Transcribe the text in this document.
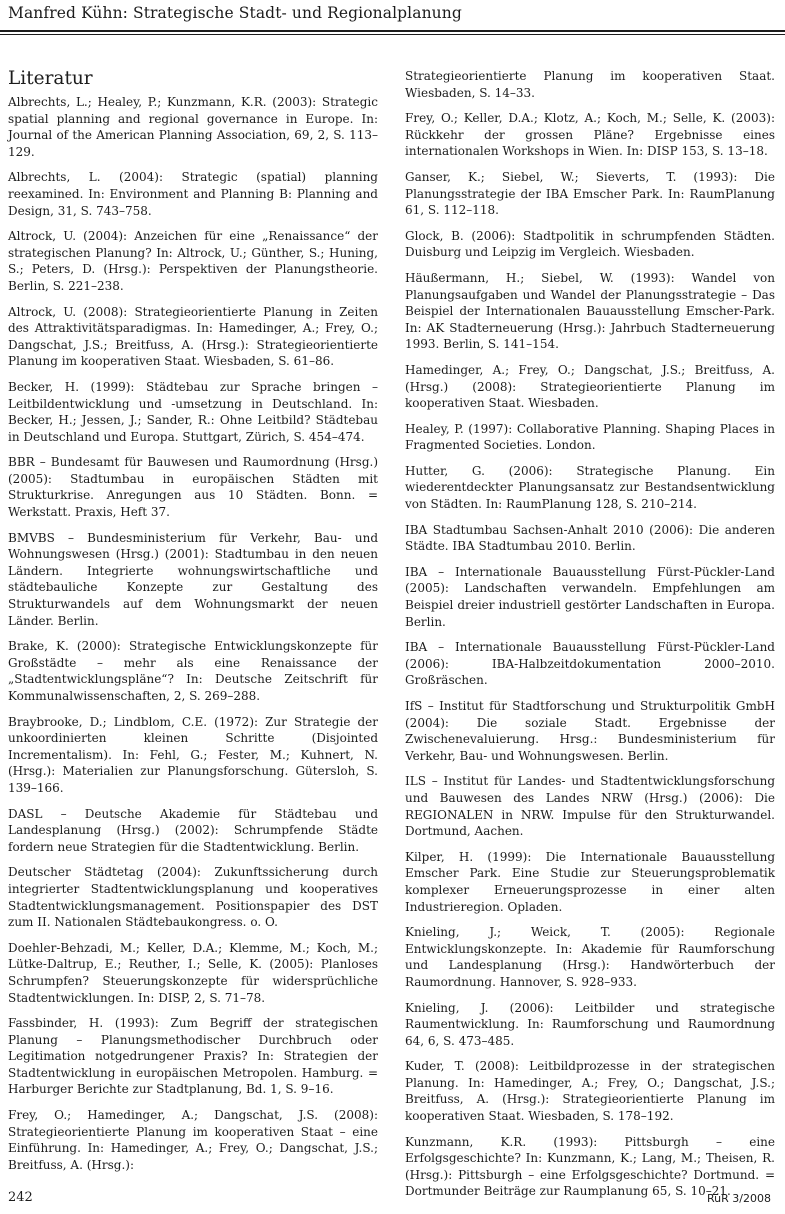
Manfred Kühn: Strategische Stadt- und Regionalplanung
Literatur

Albrechts, L.; Healey, P.; Kunzmann, K.R. (2003): Strategic spatial planning and regional governance in Europe. In: Journal of the American Planning Association, 69, 2, S. 113–129.

Albrechts, L. (2004): Strategic (spatial) planning reexamined. In: Environment and Planning B: Planning and Design, 31, S. 743–758.

Altrock, U. (2004): Anzeichen für eine „Renaissance“ der strategischen Planung? In: Altrock, U.; Günther, S.; Huning, S.; Peters, D. (Hrsg.): Perspektiven der Planungstheorie. Berlin, S. 221–238.

Altrock, U. (2008): Strategieorientierte Planung in Zeiten des Attraktivitätsparadigmas. In: Hamedinger, A.; Frey, O.; Dangschat, J.S.; Breitfuss, A. (Hrsg.): Strategieorientierte Planung im kooperativen Staat. Wiesbaden, S. 61–86.

Becker, H. (1999): Städtebau zur Sprache bringen – Leitbildentwicklung und -umsetzung in Deutschland. In: Becker, H.; Jessen, J.; Sander, R.: Ohne Leitbild? Städtebau in Deutschland und Europa. Stuttgart, Zürich, S. 454–474.

BBR – Bundesamt für Bauwesen und Raumordnung (Hrsg.) (2005): Stadtumbau in europäischen Städten mit Strukturkrise. Anregungen aus 10 Städten. Bonn. = Werkstatt. Praxis, Heft 37.

BMVBS – Bundesministerium für Verkehr, Bau- und Wohnungswesen (Hrsg.) (2001): Stadtumbau in den neuen Ländern. Integrierte wohnungswirtschaftliche und städtebauliche Konzepte zur Gestaltung des Strukturwandels auf dem Wohnungsmarkt der neuen Länder. Berlin.

Brake, K. (2000): Strategische Entwicklungskonzepte für Großstädte – mehr als eine Renaissance der „Stadtentwicklungspläne“? In: Deutsche Zeitschrift für Kommunalwissenschaften, 2, S. 269–288.

Braybrooke, D.; Lindblom, C.E. (1972): Zur Strategie der unkoordinierten kleinen Schritte (Disjointed Incrementalism). In: Fehl, G.; Fester, M.; Kuhnert, N. (Hrsg.): Materialien zur Planungsforschung. Gütersloh, S. 139–166.

DASL – Deutsche Akademie für Städtebau und Landesplanung (Hrsg.) (2002): Schrumpfende Städte fordern neue Strategien für die Stadtentwicklung. Berlin.

Deutscher Städtetag (2004): Zukunftssicherung durch integrierter Stadtentwicklungsplanung und kooperatives Stadtentwicklungsmanagement. Positionspapier des DST zum II. Nationalen Städtebaukongress. o. O.

Doehler-Behzadi, M.; Keller, D.A.; Klemme, M.; Koch, M.; Lütke-Daltrup, E.; Reuther, I.; Selle, K. (2005): Planloses Schrumpfen? Steuerungskonzepte für widersprüchliche Stadtentwicklungen. In: DISP, 2, S. 71–78.

Fassbinder, H. (1993): Zum Begriff der strategischen Planung – Planungsmethodischer Durchbruch oder Legitimation notgedrungener Praxis? In: Strategien der Stadtentwicklung in europäischen Metropolen. Hamburg. = Harburger Berichte zur Stadtplanung, Bd. 1, S. 9–16.

Frey, O.; Hamedinger, A.; Dangschat, J.S. (2008): Strategieorientierte Planung im kooperativen Staat – eine Einführung. In: Hamedinger, A.; Frey, O.; Dangschat, J.S.; Breitfuss, A. (Hrsg.):

Strategieorientierte Planung im kooperativen Staat. Wiesbaden, S. 14–33.

Frey, O.; Keller, D.A.; Klotz, A.; Koch, M.; Selle, K. (2003): Rückkehr der grossen Pläne? Ergebnisse eines internationalen Workshops in Wien. In: DISP 153, S. 13–18.

Ganser, K.; Siebel, W.; Sieverts, T. (1993): Die Planungsstrategie der IBA Emscher Park. In: RaumPlanung 61, S. 112–118.

Glock, B. (2006): Stadtpolitik in schrumpfenden Städten. Duisburg und Leipzig im Vergleich. Wiesbaden.

Häußermann, H.; Siebel, W. (1993): Wandel von Planungsaufgaben und Wandel der Planungsstrategie – Das Beispiel der Internationalen Bauausstellung Emscher-Park. In: AK Stadterneuerung (Hrsg.): Jahrbuch Stadterneuerung 1993. Berlin, S. 141–154.

Hamedinger, A.; Frey, O.; Dangschat, J.S.; Breitfuss, A. (Hrsg.) (2008): Strategieorientierte Planung im kooperativen Staat. Wiesbaden.

Healey, P. (1997): Collaborative Planning. Shaping Places in Fragmented Societies. London.

Hutter, G. (2006): Strategische Planung. Ein wiederentdeckter Planungsansatz zur Bestandsentwicklung von Städten. In: RaumPlanung 128, S. 210–214.

IBA Stadtumbau Sachsen-Anhalt 2010 (2006): Die anderen Städte. IBA Stadtumbau 2010. Berlin.

IBA – Internationale Bauausstellung Fürst-Pückler-Land (2005): Landschaften verwandeln. Empfehlungen am Beispiel dreier industriell gestörter Landschaften in Europa. Berlin.

IBA – Internationale Bauausstellung Fürst-Pückler-Land (2006): IBA-Halbzeitdokumentation 2000–2010. Großräschen.

IfS – Institut für Stadtforschung und Strukturpolitik GmbH (2004): Die soziale Stadt. Ergebnisse der Zwischenevaluierung. Hrsg.: Bundesministerium für Verkehr, Bau- und Wohnungswesen. Berlin.

ILS – Institut für Landes- und Stadtentwicklungsforschung und Bauwesen des Landes NRW (Hrsg.) (2006): Die REGIONALEN in NRW. Impulse für den Strukturwandel. Dortmund, Aachen.

Kilper, H. (1999): Die Internationale Bauausstellung Emscher Park. Eine Studie zur Steuerungsproblematik komplexer Erneuerungsprozesse in einer alten Industrieregion. Opladen.

Knieling, J.; Weick, T. (2005): Regionale Entwicklungskonzepte. In: Akademie für Raumforschung und Landesplanung (Hrsg.): Handwörterbuch der Raumordnung. Hannover, S. 928–933.

Knieling, J. (2006): Leitbilder und strategische Raumentwicklung. In: Raumforschung und Raumordnung 64, 6, S. 473–485.

Kuder, T. (2008): Leitbildprozesse in der strategischen Planung. In: Hamedinger, A.; Frey, O.; Dangschat, J.S.; Breitfuss, A. (Hrsg.): Strategieorientierte Planung im kooperativen Staat. Wiesbaden, S. 178–192.

Kunzmann, K.R. (1993): Pittsburgh – eine Erfolgsgeschichte? In: Kunzmann, K.; Lang, M.; Theisen, R. (Hrsg.): Pittsburgh – eine Erfolgsgeschichte? Dortmund. = Dortmunder Beiträge zur Raumplanung 65, S. 10–21.

242	RuR 3/2008
